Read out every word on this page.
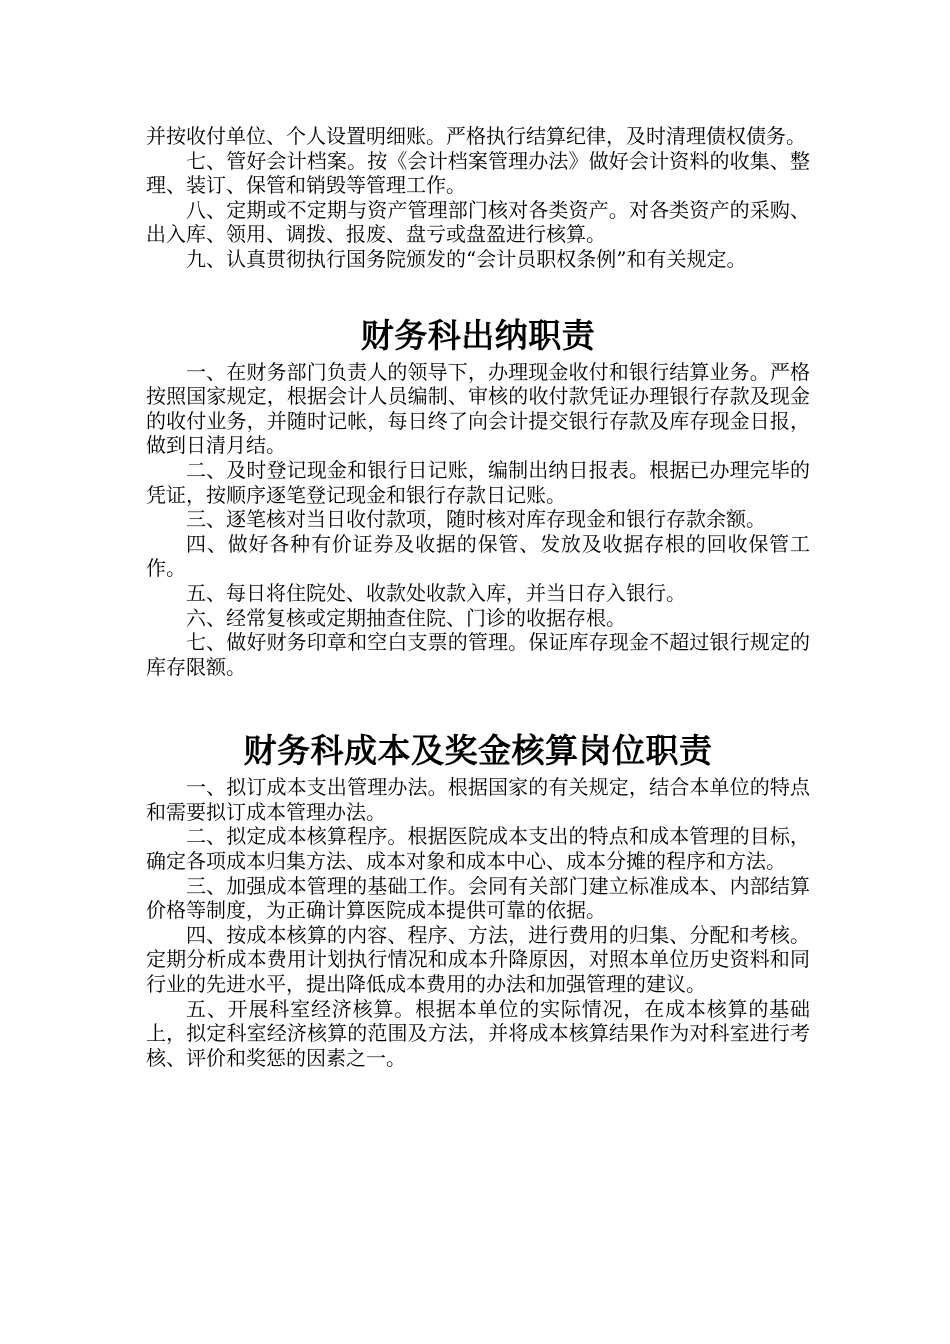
并按收付单位、个人设置明细账。严格执行结算纪律，及时清理债权债务。

七、管好会计档案。按《会计档案管理办法》做好会计资料的收集、整理、装订、保管和销毁等管理工作。

八、定期或不定期与资产管理部门核对各类资产。对各类资产的采购、出入库、领用、调拨、报废、盘亏或盘盈进行核算。

九、认真贯彻执行国务院颁发的“会计员职权条例”和有关规定。

财务科出纳职责

一、在财务部门负责人的领导下，办理现金收付和银行结算业务。严格按照国家规定，根据会计人员编制、审核的收付款凭证办理银行存款及现金的收付业务，并随时记帐，每日终了向会计提交银行存款及库存现金日报，做到日清月结。

二、及时登记现金和银行日记账，编制出纳日报表。根据已办理完毕的凭证，按顺序逐笔登记现金和银行存款日记账。

三、逐笔核对当日收付款项，随时核对库存现金和银行存款余额。

四、做好各种有价证券及收据的保管、发放及收据存根的回收保管工作。

五、每日将住院处、收款处收款入库，并当日存入银行。

六、经常复核或定期抽查住院、门诊的收据存根。

七、做好财务印章和空白支票的管理。保证库存现金不超过银行规定的库存限额。

财务科成本及奖金核算岗位职责

一、拟订成本支出管理办法。根据国家的有关规定，结合本单位的特点和需要拟订成本管理办法。

二、拟定成本核算程序。根据医院成本支出的特点和成本管理的目标，确定各项成本归集方法、成本对象和成本中心、成本分摊的程序和方法。

三、加强成本管理的基础工作。会同有关部门建立标准成本、内部结算价格等制度，为正确计算医院成本提供可靠的依据。

四、按成本核算的内容、程序、方法，进行费用的归集、分配和考核。定期分析成本费用计划执行情况和成本升降原因，对照本单位历史资料和同行业的先进水平，提出降低成本费用的办法和加强管理的建议。

五、开展科室经济核算。根据本单位的实际情况，在成本核算的基础上，拟定科室经济核算的范围及方法，并将成本核算结果作为对科室进行考核、评价和奖惩的因素之一。
